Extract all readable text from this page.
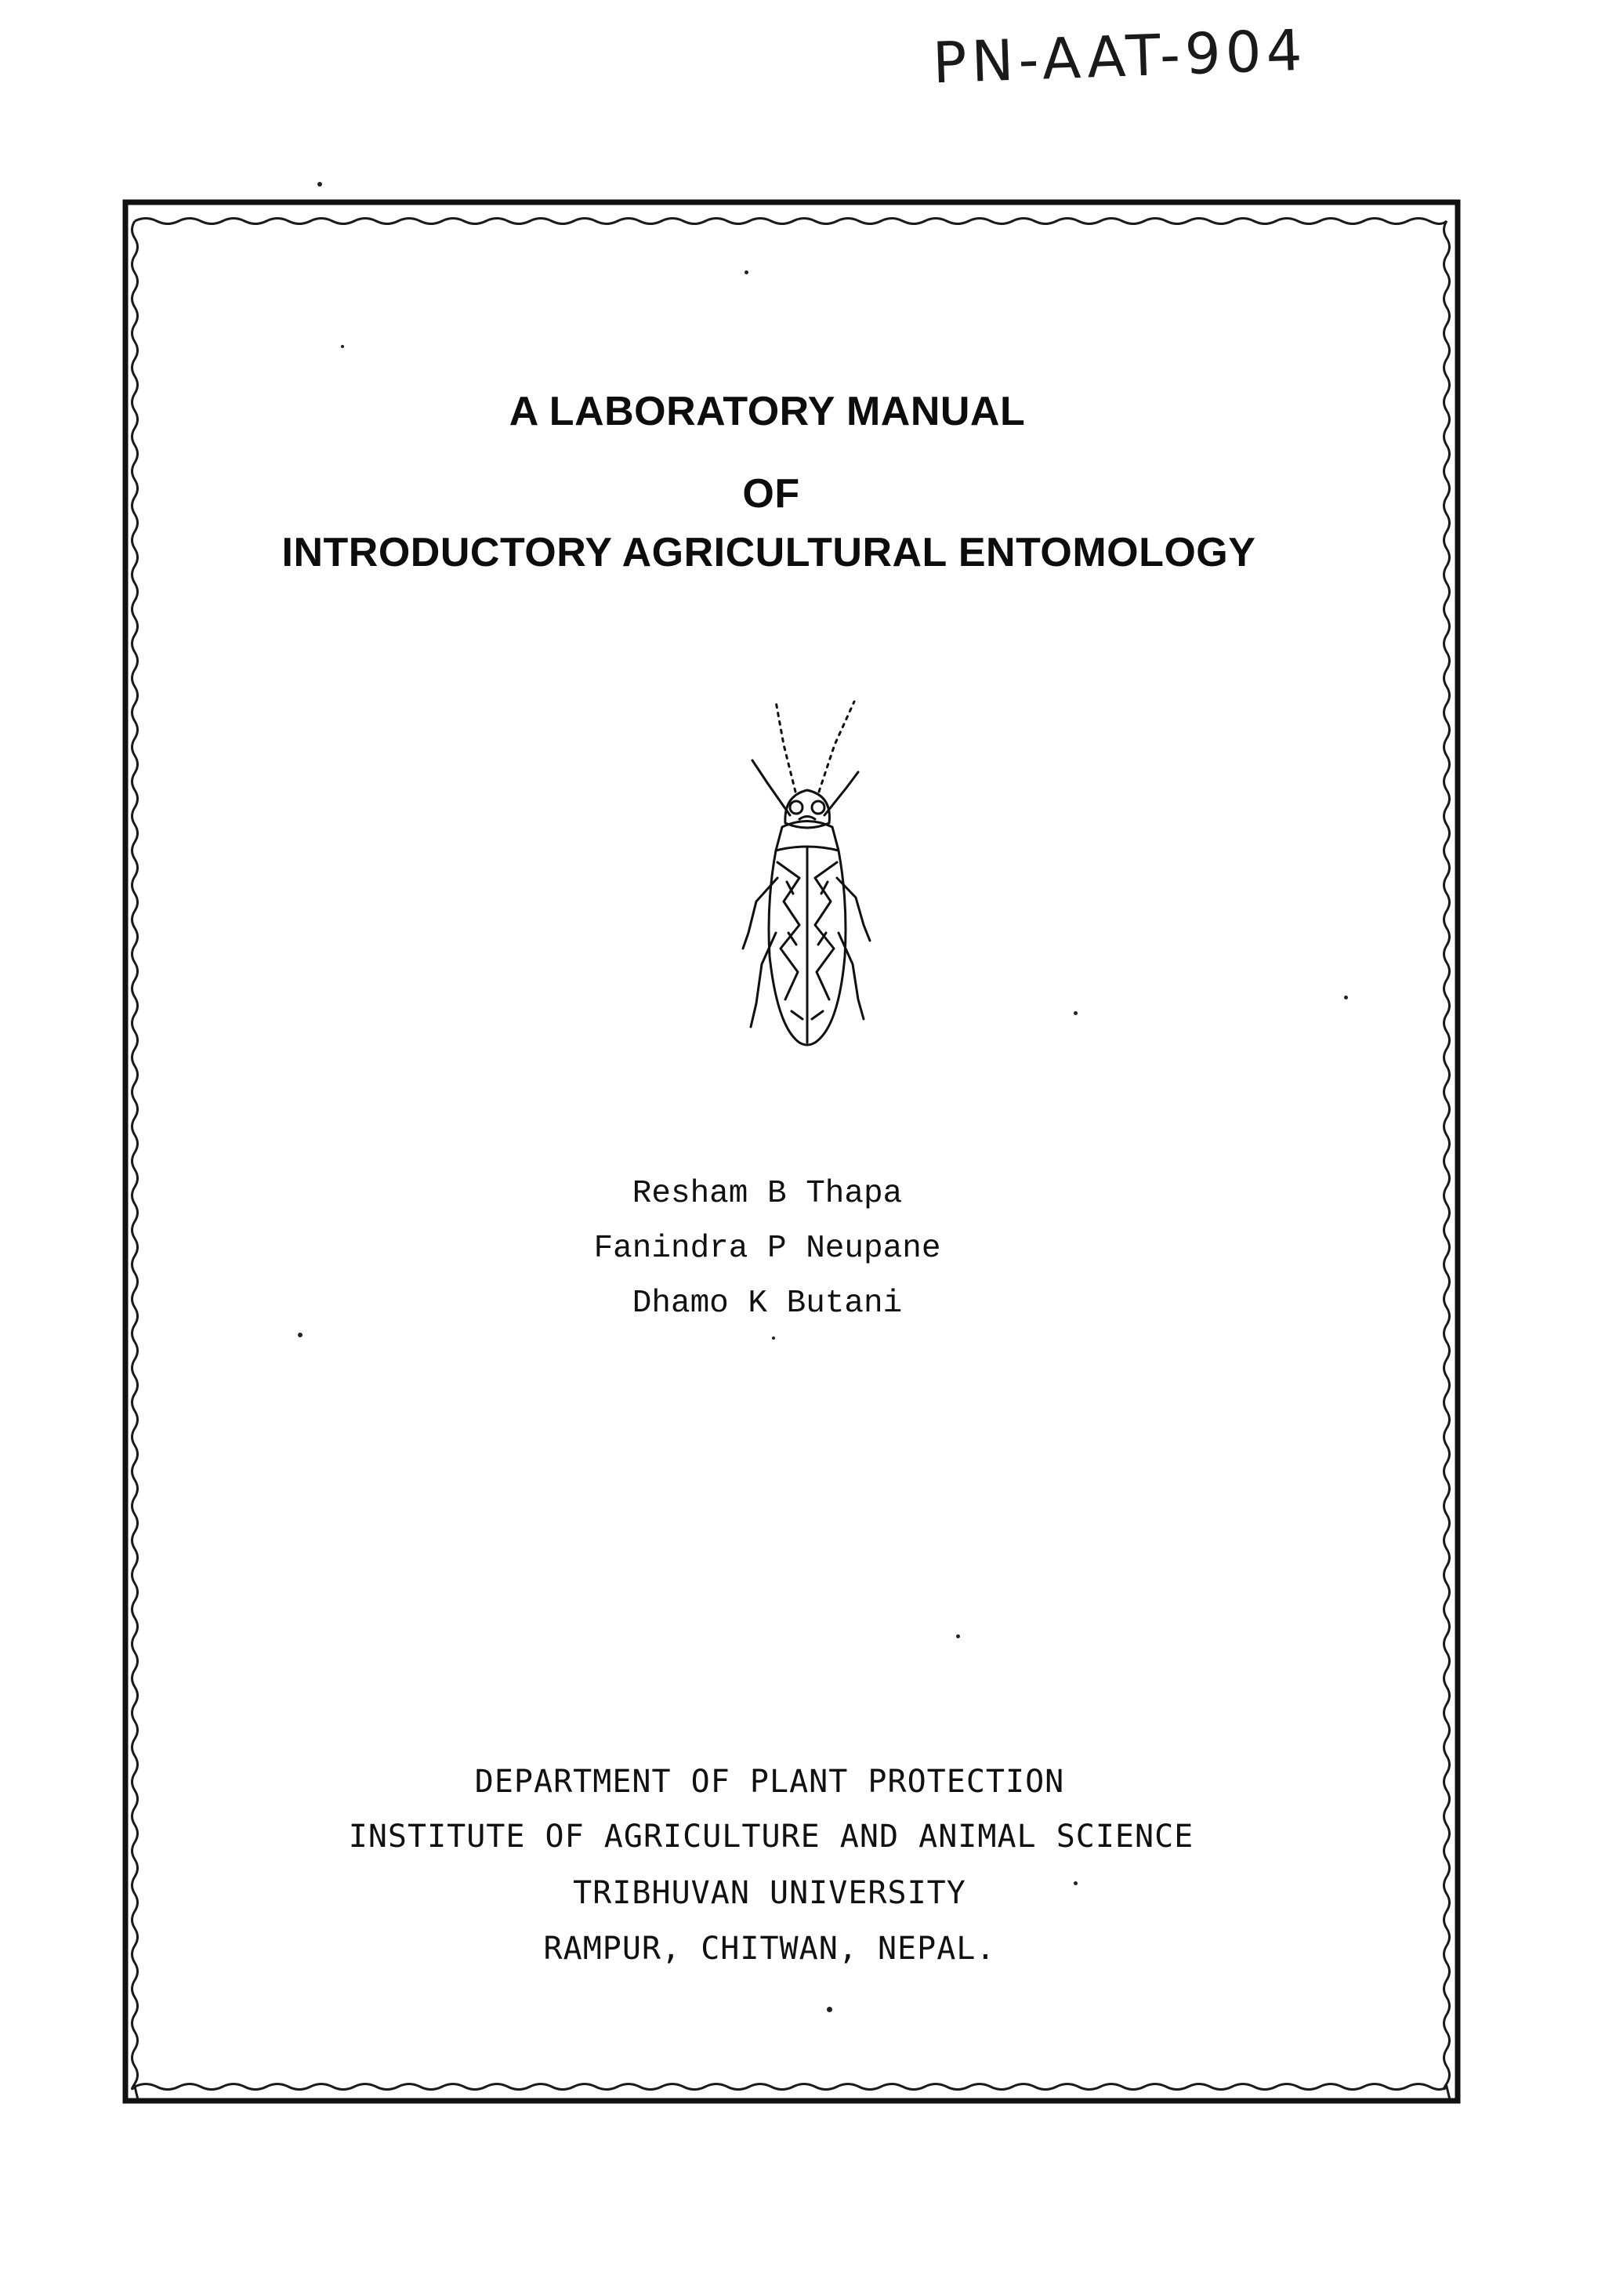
PN-AAT-904
A LABORATORY MANUAL
OF
INTRODUCTORY AGRICULTURAL ENTOMOLOGY
Resham B Thapa
Fanindra P Neupane
Dhamo K Butani
DEPARTMENT OF PLANT PROTECTION
INSTITUTE OF AGRICULTURE AND ANIMAL SCIENCE
TRIBHUVAN UNIVERSITY
RAMPUR, CHITWAN, NEPAL.
